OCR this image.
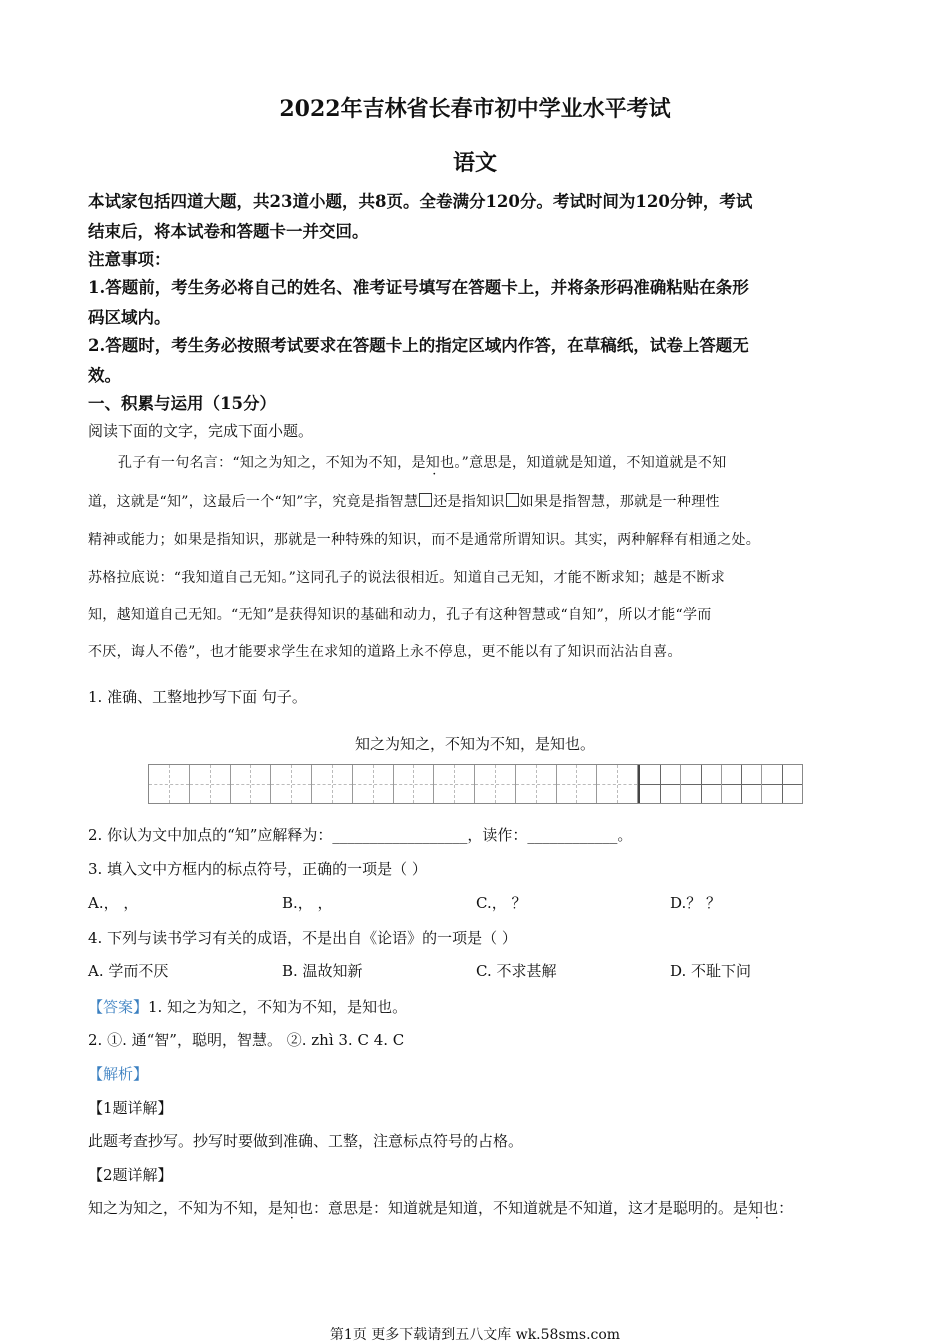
2022年吉林省长春市初中学业水平考试
语文
本试家包括四道大题，共23道小题，共8页。全卷满分120分。考试时间为120分钟，考试
结束后，将本试卷和答题卡一并交回。
注意事项：
1.答题前，考生务必将自己的姓名、准考证号填写在答题卡上，并将条形码准确粘贴在条形
码区域内。
2.答题时，考生务必按照考试要求在答题卡上的指定区域内作答，在草稿纸，试卷上答题无
效。
一、积累与运用（15分）
阅读下面的文字，完成下面小题。
孔子有一句名言：“知之为知之，不知为不知，是知也。”意思是，知道就是知道，不知道就是不知
道，这就是“知”，这最后一个“知”字，究竟是指智慧 还是指知识 如果是指智慧，那就是一种理性
精神或能力；如果是指知识，那就是一种特殊的知识，而不是通常所谓知识。其实，两种解释有相通之处。
苏格拉底说：“我知道自己无知。”这同孔子的说法很相近。知道自己无知，才能不断求知；越是不断求
知，越知道自己无知。“无知”是获得知识的基础和动力，孔子有这种智慧或“自知”，所以才能“学而
不厌，诲人不倦”，也才能要求学生在求知的道路上永不停息，更不能以有了知识而沾沾自喜。
1. 准确、工整地抄写下面 句子。
知之为知之，不知为不知，是知也。
2. 你认为文中加点的“知”应解释为：__________________，读作：____________。
3. 填入文中方框内的标点符号，正确的一项是（ ）
A.， ，	B.， ，	C.， ？	D.？ ？
4. 下列与读书学习有关的成语，不是出自《论语》的一项是（ ）
A. 学而不厌	B. 温故知新	C. 不求甚解	D. 不耻下问
【答案】1. 知之为知之，不知为不知，是知也。
2. ①. 通“智”，聪明，智慧。 ②. zhì 3. C 4. C
【解析】
【1题详解】
此题考查抄写。抄写时要做到准确、工整，注意标点符号的占格。
【2题详解】
知之为知之，不知为不知，是知也：意思是：知道就是知道，不知道就是不知道，这才是聪明的。是知也：
第1页 更多下载请到五八文库 wk.58sms.com
